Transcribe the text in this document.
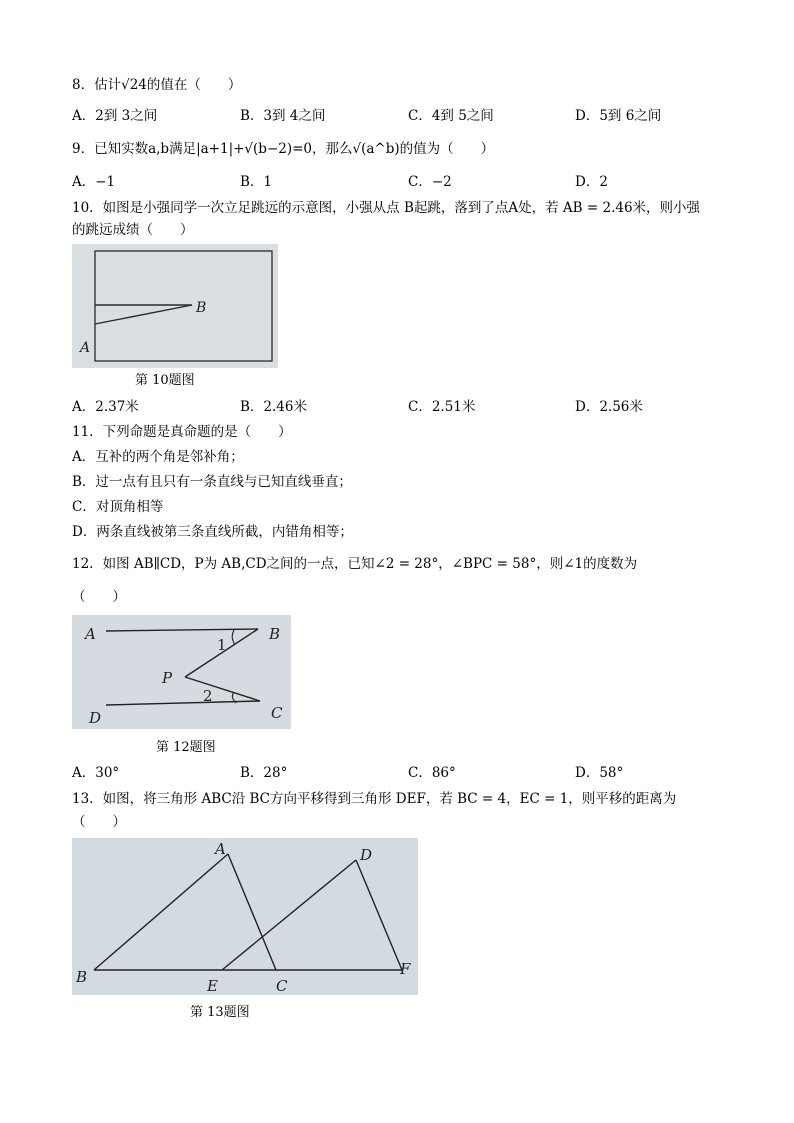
8．估计√24的值在（　　）
A．2到 3之间	B．3到 4之间	C．4到 5之间	D．5到 6之间
9．已知实数a,b满足|a+1|+√(b−2)=0，那么√(a^b)的值为（　　）
A．−1	B．1	C．−2	D．2
10．如图是小强同学一次立足跳远的示意图，小强从点 B起跳，落到了点A处，若 AB = 2.46米，则小强
的跳远成绩（　　）
B
A
第 10题图
A．2.37米	B．2.46米	C．2.51米	D．2.56米
11．下列命题是真命题的是（　　）
A．互补的两个角是邻补角；
B．过一点有且只有一条直线与已知直线垂直；
C．对顶角相等
D．两条直线被第三条直线所截，内错角相等；
12．如图 AB∥CD，P为 AB,CD之间的一点，已知∠2 = 28°，∠BPC = 58°，则∠1的度数为
（　　）
A	B
C
D
P
1
2
第 12题图
A．30°	B．28°	C．86°	D．58°
13．如图，将三角形 ABC沿 BC方向平移得到三角形 DEF，若 BC = 4，EC = 1，则平移的距离为
（　　）
A
B	C
D
E
F
第 13题图
